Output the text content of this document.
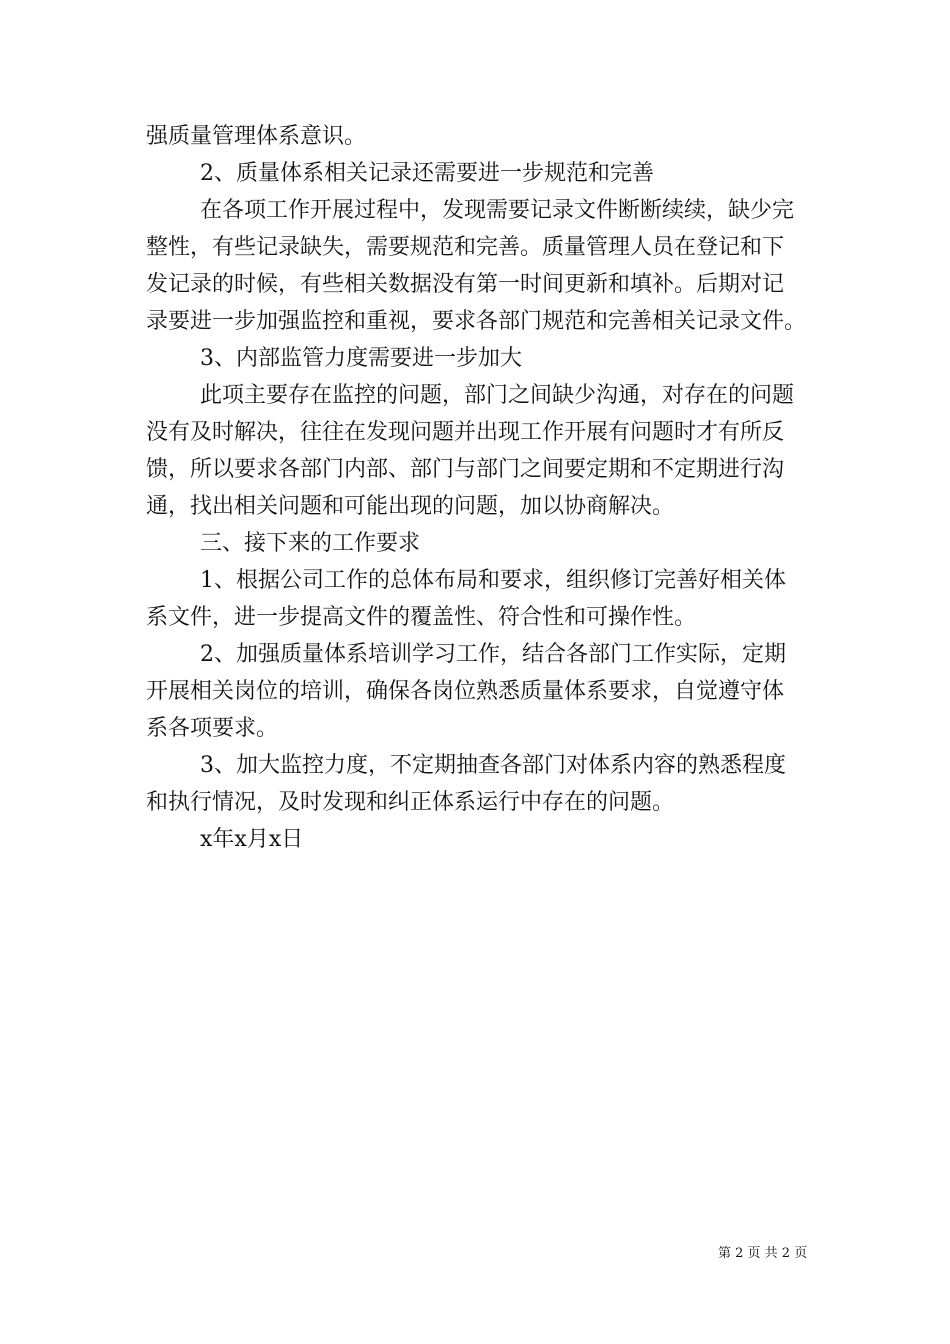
强质量管理体系意识。
2、质量体系相关记录还需要进一步规范和完善
在各项工作开展过程中，发现需要记录文件断断续续，缺少完
整性，有些记录缺失，需要规范和完善。质量管理人员在登记和下
发记录的时候，有些相关数据没有第一时间更新和填补。后期对记
录要进一步加强监控和重视，要求各部门规范和完善相关记录文件。
3、内部监管力度需要进一步加大
此项主要存在监控的问题，部门之间缺少沟通，对存在的问题
没有及时解决，往往在发现问题并出现工作开展有问题时才有所反
馈，所以要求各部门内部、部门与部门之间要定期和不定期进行沟
通，找出相关问题和可能出现的问题，加以协商解决。
三、接下来的工作要求
1、根据公司工作的总体布局和要求，组织修订完善好相关体
系文件，进一步提高文件的覆盖性、符合性和可操作性。
2、加强质量体系培训学习工作，结合各部门工作实际，定期
开展相关岗位的培训，确保各岗位熟悉质量体系要求，自觉遵守体
系各项要求。
3、加大监控力度，不定期抽查各部门对体系内容的熟悉程度
和执行情况，及时发现和纠正体系运行中存在的问题。
x年x月x日
第 2 页 共 2 页
